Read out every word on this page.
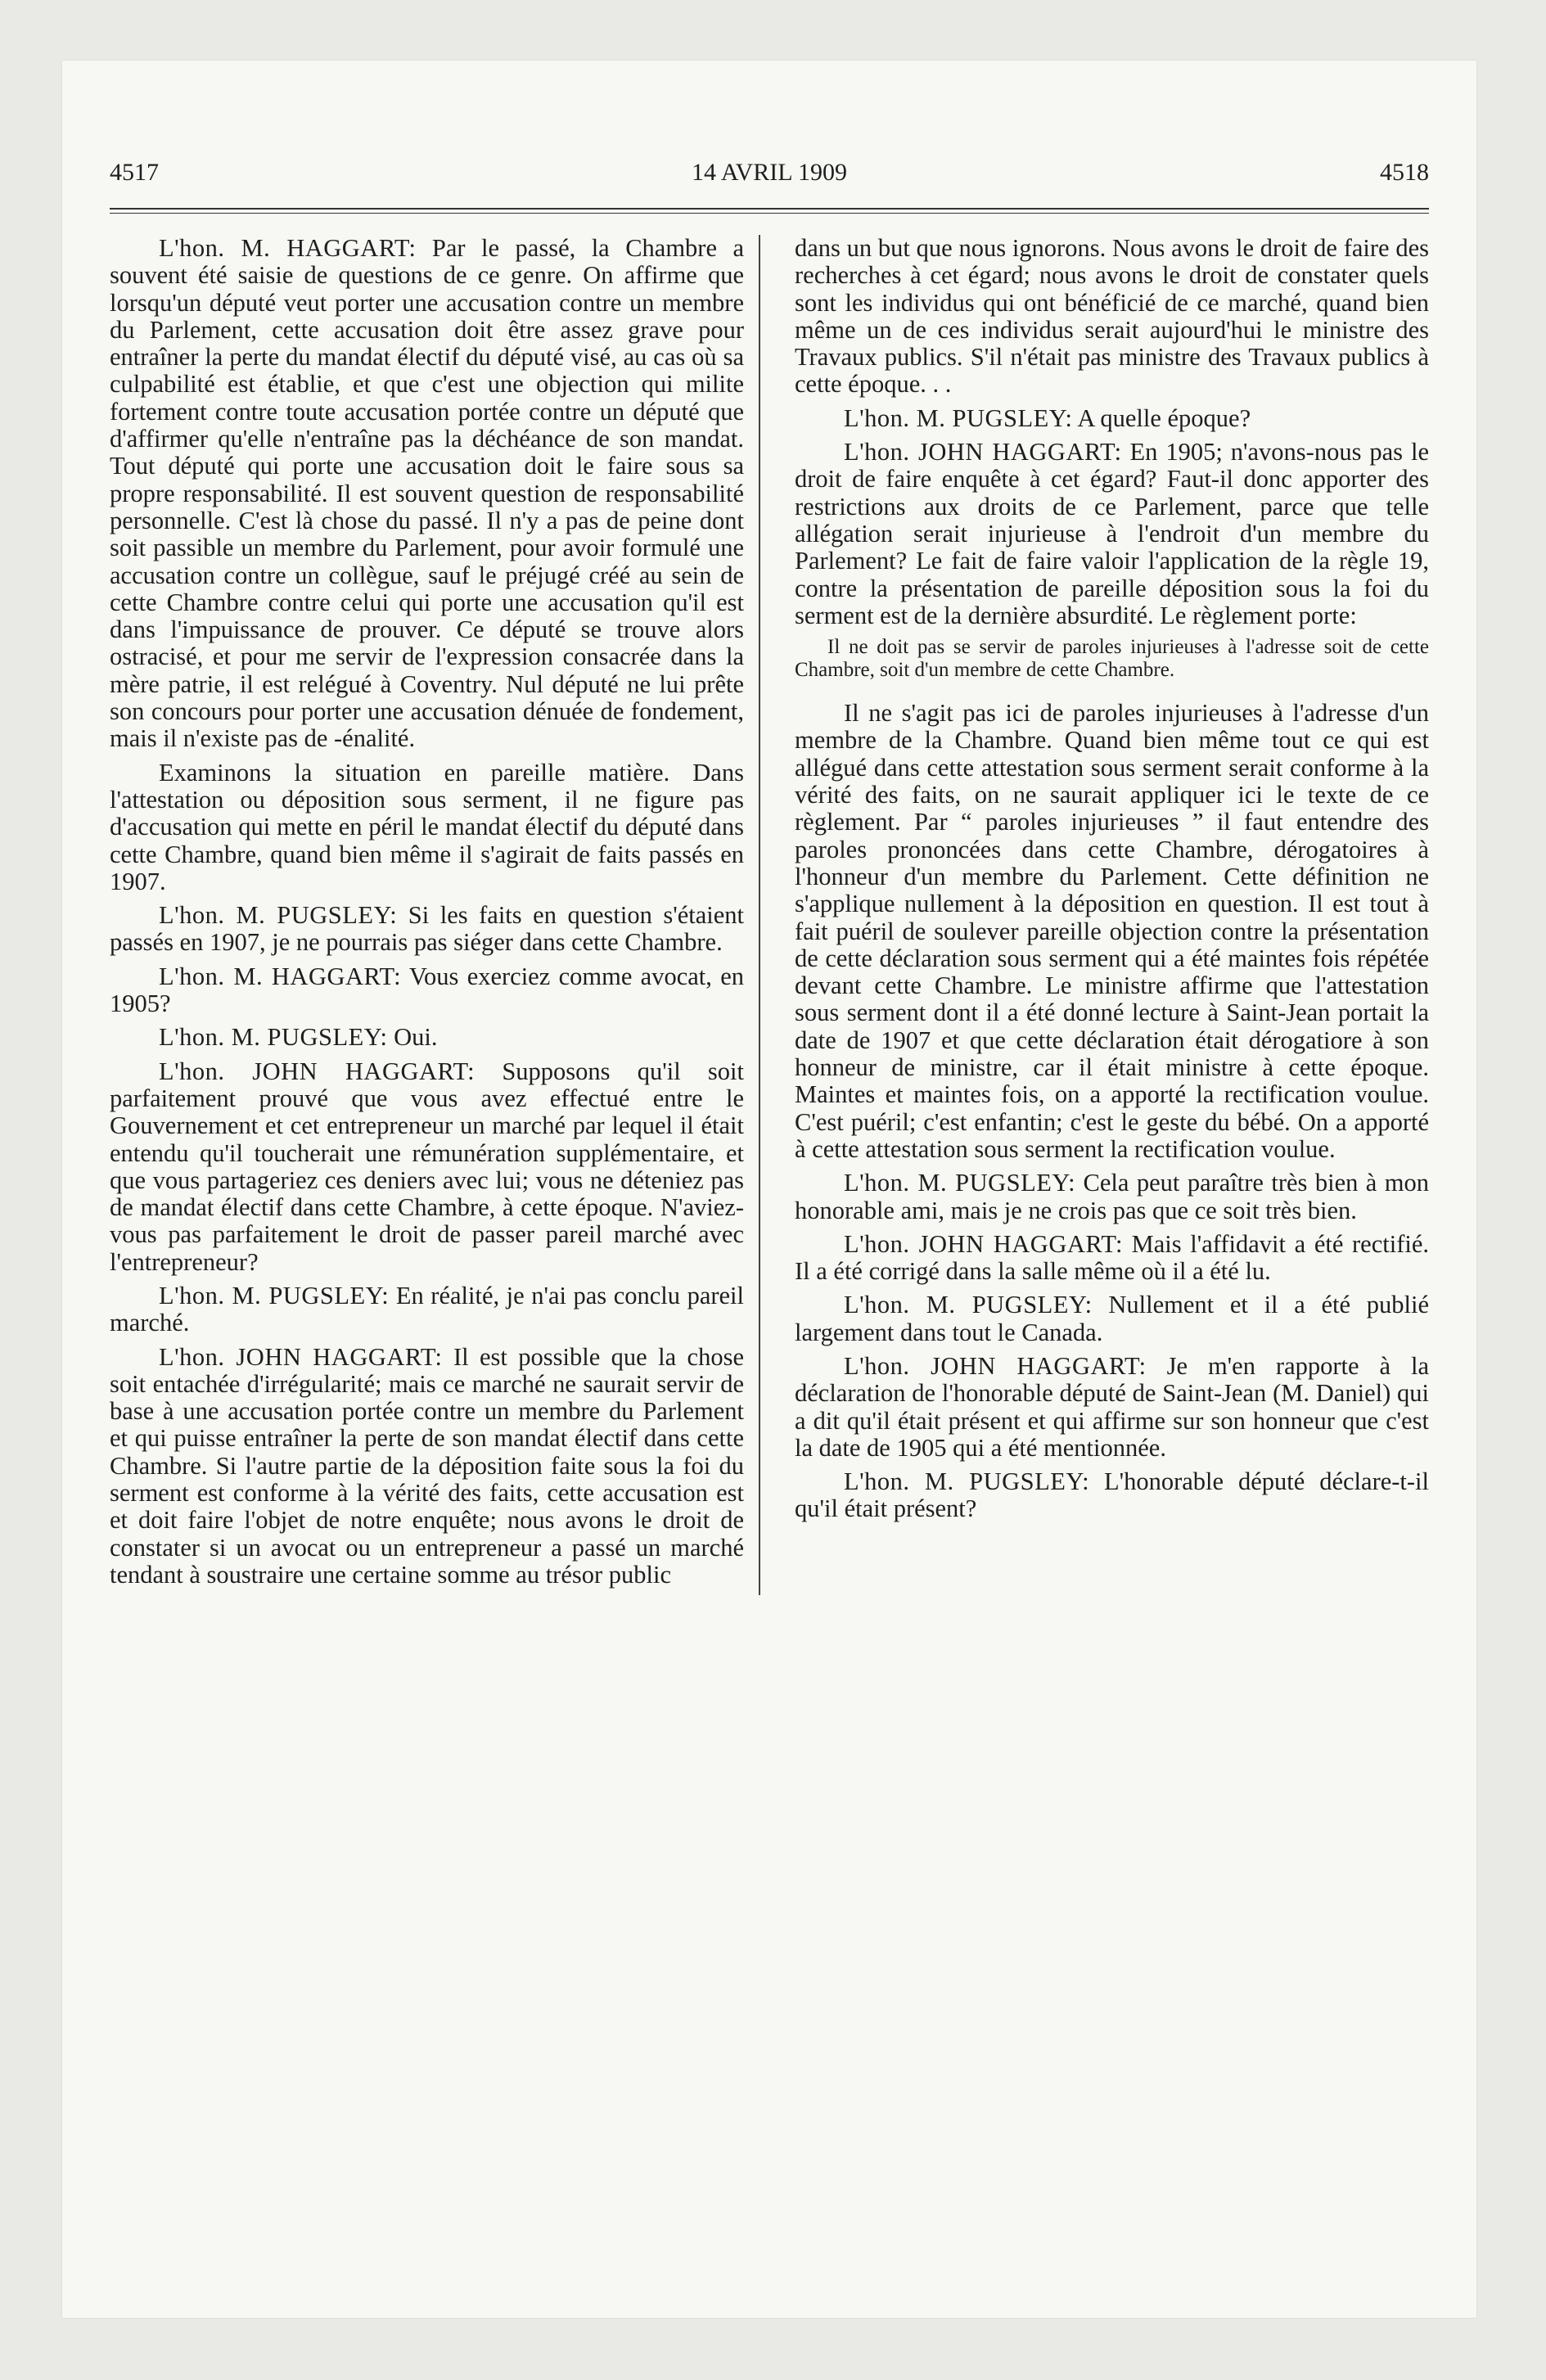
4517	14 AVRIL 1909	4518

L'hon. M. HAGGART: Par le passé, la Chambre a souvent été saisie de questions de ce genre. On affirme que lorsqu'un député veut porter une accusation contre un membre du Parlement, cette accusation doit être assez grave pour entraîner la perte du mandat électif du député visé, au cas où sa culpabilité est établie, et que c'est une objection qui milite fortement contre toute accusation portée contre un député que d'affirmer qu'elle n'entraîne pas la déchéance de son mandat. Tout député qui porte une accusation doit le faire sous sa propre responsabilité. Il est souvent question de responsabilité personnelle. C'est là chose du passé. Il n'y a pas de peine dont soit passible un membre du Parlement, pour avoir formulé une accusation contre un collègue, sauf le préjugé créé au sein de cette Chambre contre celui qui porte une accusation qu'il est dans l'impuissance de prouver. Ce député se trouve alors ostracisé, et pour me servir de l'expression consacrée dans la mère patrie, il est relégué à Coventry. Nul député ne lui prête son concours pour porter une accusation dénuée de fondement, mais il n'existe pas de -énalité.

Examinons la situation en pareille matière. Dans l'attestation ou déposition sous serment, il ne figure pas d'accusation qui mette en péril le mandat électif du député dans cette Chambre, quand bien même il s'agirait de faits passés en 1907.

L'hon. M. PUGSLEY: Si les faits en question s'étaient passés en 1907, je ne pourrais pas siéger dans cette Chambre.

L'hon. M. HAGGART: Vous exerciez comme avocat, en 1905?

L'hon. M. PUGSLEY: Oui.

L'hon. JOHN HAGGART: Supposons qu'il soit parfaitement prouvé que vous avez effectué entre le Gouvernement et cet entrepreneur un marché par lequel il était entendu qu'il toucherait une rémunération supplémentaire, et que vous partageriez ces deniers avec lui; vous ne déteniez pas de mandat électif dans cette Chambre, à cette époque. N'aviez-vous pas parfaitement le droit de passer pareil marché avec l'entrepreneur?

L'hon. M. PUGSLEY: En réalité, je n'ai pas conclu pareil marché.

L'hon. JOHN HAGGART: Il est possible que la chose soit entachée d'irrégularité; mais ce marché ne saurait servir de base à une accusation portée contre un membre du Parlement et qui puisse entraîner la perte de son mandat électif dans cette Chambre. Si l'autre partie de la déposition faite sous la foi du serment est conforme à la vérité des faits, cette accusation est et doit faire l'objet de notre enquête; nous avons le droit de constater si un avocat ou un entrepreneur a passé un marché tendant à soustraire une certaine somme au trésor public

dans un but que nous ignorons. Nous avons le droit de faire des recherches à cet égard; nous avons le droit de constater quels sont les individus qui ont bénéficié de ce marché, quand bien même un de ces individus serait aujourd'hui le ministre des Travaux publics. S'il n'était pas ministre des Travaux publics à cette époque. . .

L'hon. M. PUGSLEY: A quelle époque?

L'hon. JOHN HAGGART: En 1905; n'avons-nous pas le droit de faire enquête à cet égard? Faut-il donc apporter des restrictions aux droits de ce Parlement, parce que telle allégation serait injurieuse à l'endroit d'un membre du Parlement? Le fait de faire valoir l'application de la règle 19, contre la présentation de pareille déposition sous la foi du serment est de la dernière absurdité. Le règlement porte:

Il ne doit pas se servir de paroles injurieuses à l'adresse soit de cette Chambre, soit d'un membre de cette Chambre.

Il ne s'agit pas ici de paroles injurieuses à l'adresse d'un membre de la Chambre. Quand bien même tout ce qui est allégué dans cette attestation sous serment serait conforme à la vérité des faits, on ne saurait appliquer ici le texte de ce règlement. Par “ paroles injurieuses ” il faut entendre des paroles prononcées dans cette Chambre, dérogatoires à l'honneur d'un membre du Parlement. Cette définition ne s'applique nullement à la déposition en question. Il est tout à fait puéril de soulever pareille objection contre la présentation de cette déclaration sous serment qui a été maintes fois répétée devant cette Chambre. Le ministre affirme que l'attestation sous serment dont il a été donné lecture à Saint-Jean portait la date de 1907 et que cette déclaration était dérogatiore à son honneur de ministre, car il était ministre à cette époque. Maintes et maintes fois, on a apporté la rectification voulue. C'est puéril; c'est enfantin; c'est le geste du bébé. On a apporté à cette attestation sous serment la rectification voulue.

L'hon. M. PUGSLEY: Cela peut paraître très bien à mon honorable ami, mais je ne crois pas que ce soit très bien.

L'hon. JOHN HAGGART: Mais l'affidavit a été rectifié. Il a été corrigé dans la salle même où il a été lu.

L'hon. M. PUGSLEY: Nullement et il a été publié largement dans tout le Canada.

L'hon. JOHN HAGGART: Je m'en rapporte à la déclaration de l'honorable député de Saint-Jean (M. Daniel) qui a dit qu'il était présent et qui affirme sur son honneur que c'est la date de 1905 qui a été mentionnée.

L'hon. M. PUGSLEY: L'honorable député déclare-t-il qu'il était présent?
